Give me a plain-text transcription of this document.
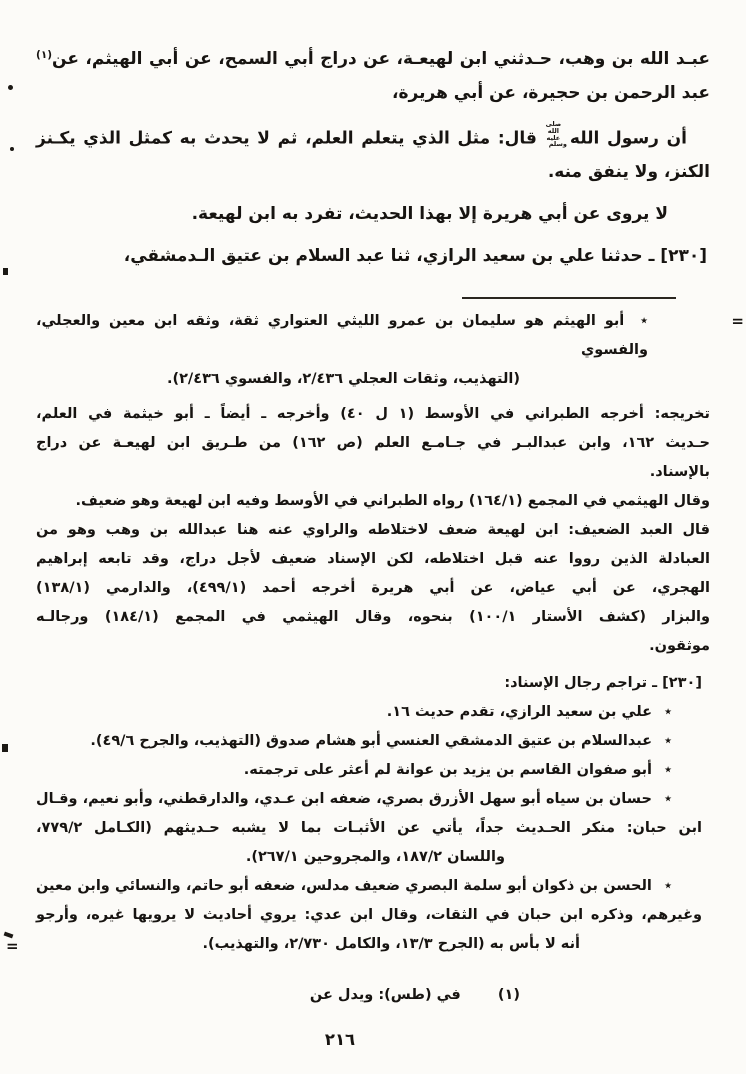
عبـد الله بن وهب، حـدثني ابن لهيعـة، عن دراج أبي السمح، عن أبي الهيثم، عن$^{(١)}$
عبد الرحمن بن حجيرة، عن أبي هريرة،
أن رسول اللهصلى الله عليه وسلمقال: مثل الذي يتعلم العلم، ثم لا يحدث به كمثل الذي يكـنز
الكنز، ولا ينفق منه.
لا يروى عن أبي هريرة إلا بهذا الحديث، تفرد به ابن لهيعة.
[٢٣٠] ـ حدثنا علي بن سعيد الرازي، ثنا عبد السلام بن عتيق الـدمشقي،
=
٭ أبو الهيثم هو سليمان بن عمرو الليثي العتواري ثقة، وثقه ابن معين والعجلي، والفسوي
(التهذيب، وثقات العجلي ٢/٤٣٦، والفسوي ٢/٤٣٦).
تخريجه: أخرجه الطبراني في الأوسط (١ ل ٤٠) وأخرجه ـ أيضاً ـ أبو خيثمة في العلم،
حـديث ١٦٢، وابن عبدالبـر في جـامـع العلم (ص ١٦٢) من طـريق ابن لهيعـة عن دراج
بالإسناد.
وقال الهيثمي في المجمع (١٦٤/١) رواه الطبراني في الأوسط وفيه ابن لهيعة وهو ضعيف.
قال العبد الضعيف: ابن لهيعة ضعف لاختلاطه والراوي عنه هنا عبدالله بن وهب وهو من
العبادلة الذين رووا عنه قبل اختلاطه، لكن الإسناد ضعيف لأجل دراج، وقد تابعه إبراهيم
الهجري، عن أبي عياض، عن أبي هريرة أخرجه أحمد (٤٩٩/١)، والدارمي (١٣٨/١)
والبزار (كشف الأستار ١٠٠/١) بنحوه، وقال الهيثمي في المجمع (١٨٤/١) ورجالـه
موثقون.
[٢٣٠] ـ تراجم رجال الإسناد:
٭ علي بن سعيد الرازي، تقدم حديث ١٦.
٭ عبدالسلام بن عتيق الدمشقي العنسي أبو هشام صدوق (التهذيب، والجرح ٤٩/٦).
٭ أبو صفوان القاسم بن يزيد بن عوانة لم أعثر على ترجمته.
٭ حسان بن سياه أبو سهل الأزرق بصري، ضعفه ابن عـدي، والدارقطني، وأبو نعيم، وقـال
ابن حبان: منكر الحـديث جداً، يأتي عن الأثبـات بما لا يشبه حـديثهم (الكـامل ٧٧٩/٢،
واللسان ١٨٧/٢، والمجروحين ٢٦٧/١).
٭ الحسن بن ذكوان أبو سلمة البصري ضعيف مدلس، ضعفه أبو حاتم، والنسائي وابن معين
وغيرهم، وذكره ابن حبان في الثقات، وقال ابن عدي: يروي أحاديث لا يرويها غيره، وأرجو
=	أنه لا بأس به (الجرح ١٣/٣، والكامل ٢/٧٣٠، والتهذيب).
(١) في (طس): ويدل عن
٢١٦
